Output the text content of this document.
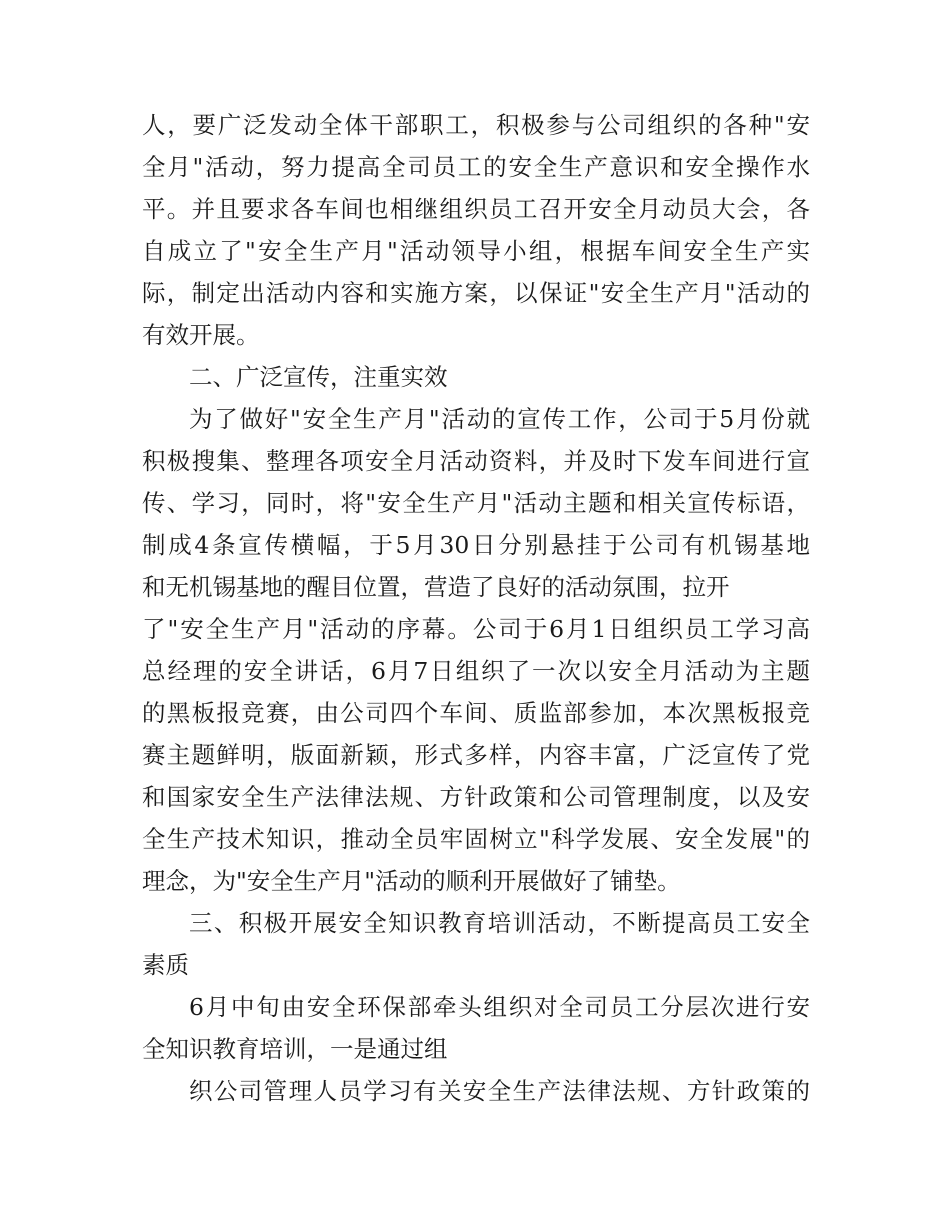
人，要广泛发动全体干部职工，积极参与公司组织的各种"安
全月"活动，努力提高全司员工的安全生产意识和安全操作水
平。并且要求各车间也相继组织员工召开安全月动员大会，各
自成立了"安全生产月"活动领导小组，根据车间安全生产实
际，制定出活动内容和实施方案，以保证"安全生产月"活动的
有效开展。
二、广泛宣传，注重实效
为了做好"安全生产月"活动的宣传工作，公司于5月份就
积极搜集、整理各项安全月活动资料，并及时下发车间进行宣
传、学习，同时，将"安全生产月"活动主题和相关宣传标语，
制成4条宣传横幅，于5月30日分别悬挂于公司有机锡基地
和无机锡基地的醒目位置，营造了良好的活动氛围，拉开
了"安全生产月"活动的序幕。公司于6月1日组织员工学习高
总经理的安全讲话，6月7日组织了一次以安全月活动为主题
的黑板报竞赛，由公司四个车间、质监部参加，本次黑板报竞
赛主题鲜明，版面新颖，形式多样，内容丰富，广泛宣传了党
和国家安全生产法律法规、方针政策和公司管理制度，以及安
全生产技术知识，推动全员牢固树立"科学发展、安全发展"的
理念，为"安全生产月"活动的顺利开展做好了铺垫。
三、积极开展安全知识教育培训活动，不断提高员工安全
素质
6月中旬由安全环保部牵头组织对全司员工分层次进行安
全知识教育培训，一是通过组
织公司管理人员学习有关安全生产法律法规、方针政策的
